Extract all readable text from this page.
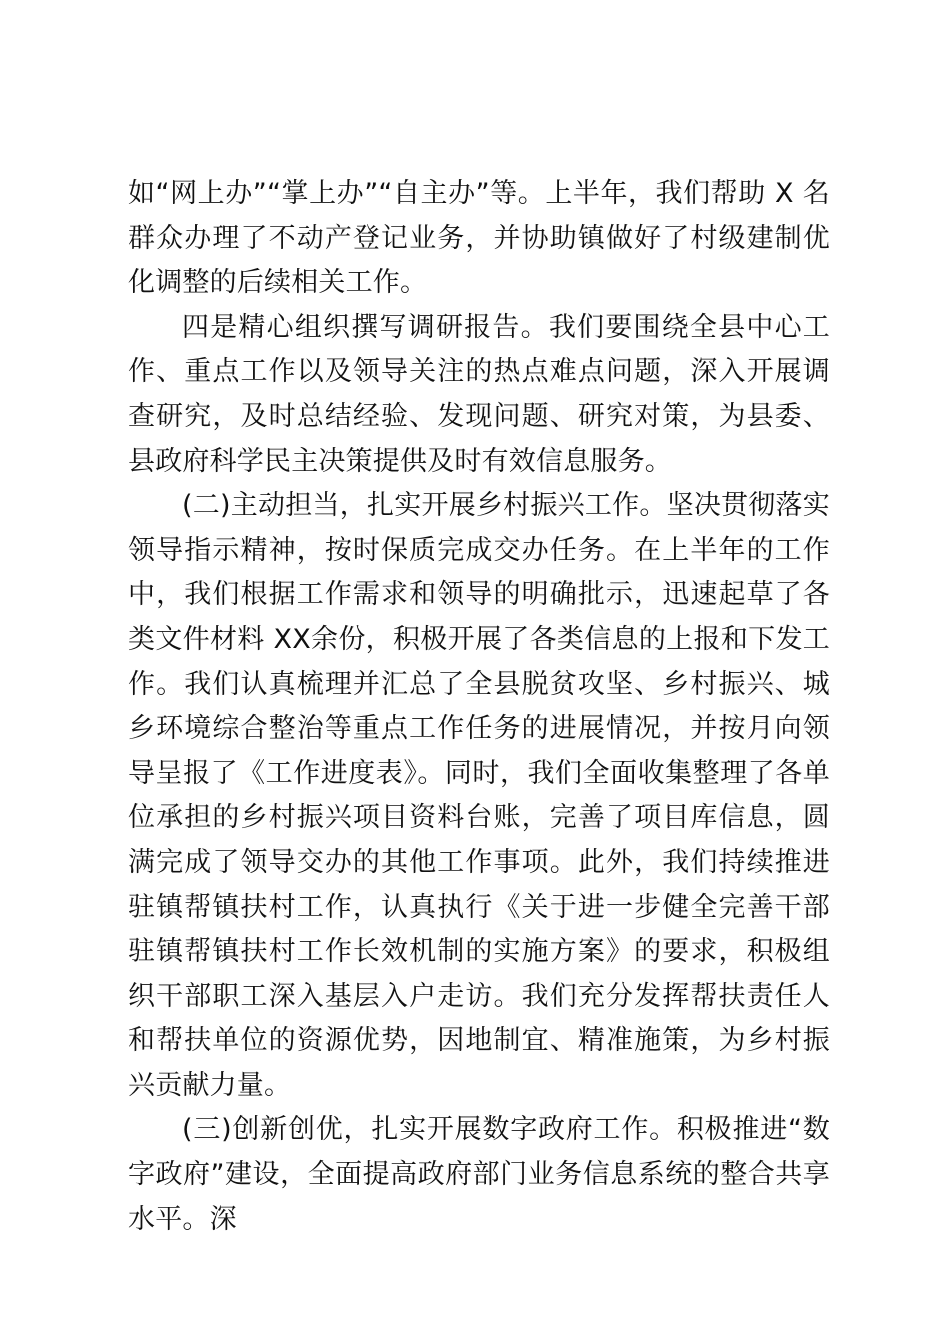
如“网上办”“掌上办”“自主办”等。上半年，我们帮助 X 名群众办理了不动产登记业务，并协助镇做好了村级建制优化调整的后续相关工作。

四是精心组织撰写调研报告。我们要围绕全县中心工作、重点工作以及领导关注的热点难点问题，深入开展调查研究，及时总结经验、发现问题、研究对策，为县委、县政府科学民主决策提供及时有效信息服务。

(二)主动担当，扎实开展乡村振兴工作。坚决贯彻落实领导指示精神，按时保质完成交办任务。在上半年的工作中，我们根据工作需求和领导的明确批示，迅速起草了各类文件材料 XX余份，积极开展了各类信息的上报和下发工作。我们认真梳理并汇总了全县脱贫攻坚、乡村振兴、城乡环境综合整治等重点工作任务的进展情况，并按月向领导呈报了《工作进度表》。同时，我们全面收集整理了各单位承担的乡村振兴项目资料台账，完善了项目库信息，圆满完成了领导交办的其他工作事项。此外，我们持续推进驻镇帮镇扶村工作，认真执行《关于进一步健全完善干部驻镇帮镇扶村工作长效机制的实施方案》的要求，积极组织干部职工深入基层入户走访。我们充分发挥帮扶责任人和帮扶单位的资源优势，因地制宜、精准施策，为乡村振兴贡献力量。

(三)创新创优，扎实开展数字政府工作。积极推进“数字政府”建设，全面提高政府部门业务信息系统的整合共享水平。深
